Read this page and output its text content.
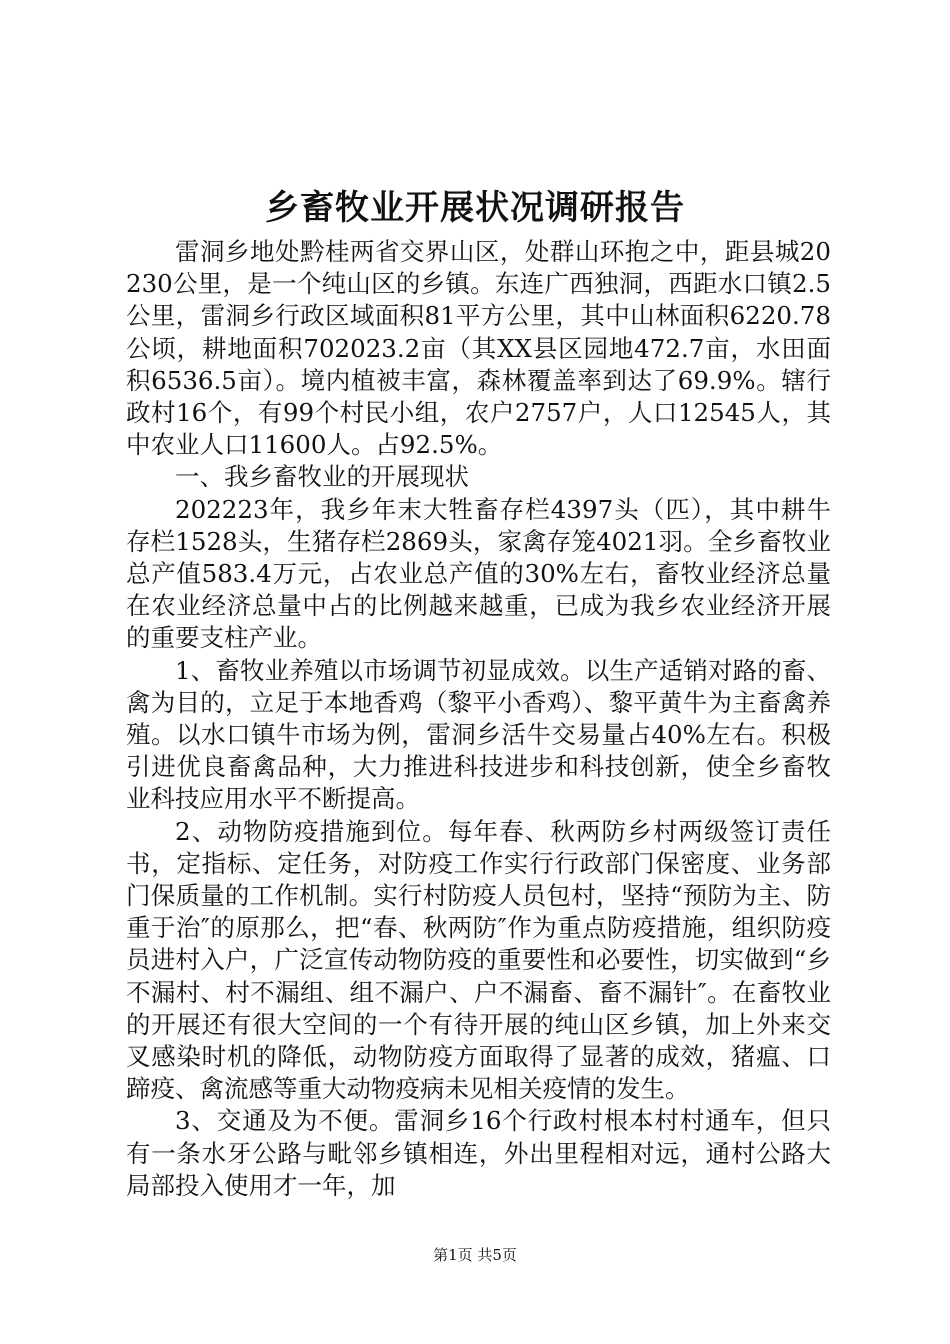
乡畜牧业开展状况调研报告

雷洞乡地处黔桂两省交界山区，处群山环抱之中，距县城20230公里，是一个纯山区的乡镇。东连广西独洞，西距水口镇2.5公里，雷洞乡行政区域面积81平方公里，其中山林面积6220.78公顷，耕地面积702023.2亩（其XX县区园地472.7亩，水田面积6536.5亩）。境内植被丰富，森林覆盖率到达了69.9%。辖行政村16个，有99个村民小组，农户2757户，人口12545人，其中农业人口11600人。占92.5%。

一、我乡畜牧业的开展现状

202223年，我乡年末大牲畜存栏4397头（匹），其中耕牛存栏1528头，生猪存栏2869头，家禽存笼4021羽。全乡畜牧业总产值583.4万元，占农业总产值的30%左右，畜牧业经济总量在农业经济总量中占的比例越来越重，已成为我乡农业经济开展的重要支柱产业。

1、畜牧业养殖以市场调节初显成效。以生产适销对路的畜、禽为目的，立足于本地香鸡（黎平小香鸡）、黎平黄牛为主畜禽养殖。以水口镇牛市场为例，雷洞乡活牛交易量占40%左右。积极引进优良畜禽品种，大力推进科技进步和科技创新，使全乡畜牧业科技应用水平不断提高。

2、动物防疫措施到位。每年春、秋两防乡村两级签订责任书，定指标、定任务，对防疫工作实行行政部门保密度、业务部门保质量的工作机制。实行村防疫人员包村，坚持“预防为主、防重于治″的原那么，把“春、秋两防″作为重点防疫措施，组织防疫员进村入户，广泛宣传动物防疫的重要性和必要性，切实做到“乡不漏村、村不漏组、组不漏户、户不漏畜、畜不漏针″。在畜牧业的开展还有很大空间的一个有待开展的纯山区乡镇，加上外来交叉感染时机的降低，动物防疫方面取得了显著的成效，猪瘟、口蹄疫、禽流感等重大动物疫病未见相关疫情的发生。

3、交通及为不便。雷洞乡16个行政村根本村村通车，但只有一条水牙公路与毗邻乡镇相连，外出里程相对远，通村公路大局部投入使用才一年，加

第1页 共5页
